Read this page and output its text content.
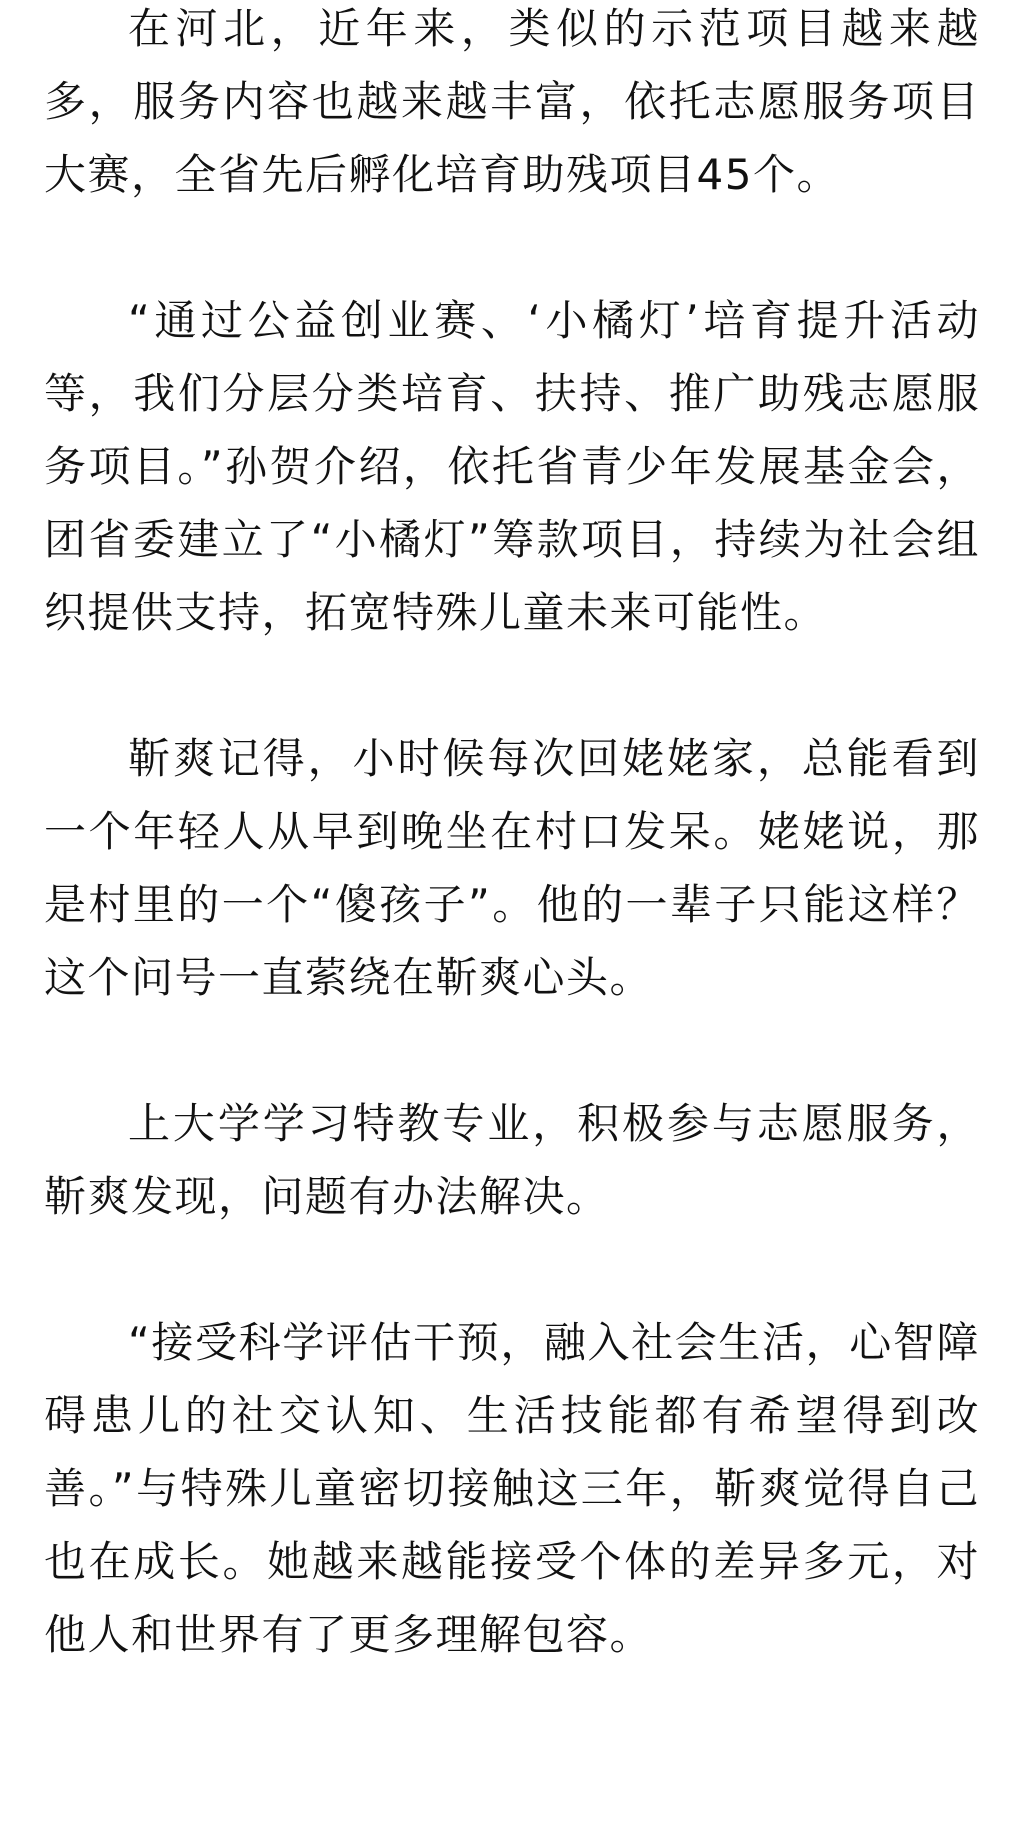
在河北，近年来，类似的示范项目越来越多，服务内容也越来越丰富，依托志愿服务项目大赛，全省先后孵化培育助残项目45个。

“通过公益创业赛、‘小橘灯’培育提升活动等，我们分层分类培育、扶持、推广助残志愿服务项目。”孙贺介绍，依托省青少年发展基金会，团省委建立了“小橘灯”筹款项目，持续为社会组织提供支持，拓宽特殊儿童未来可能性。

靳爽记得，小时候每次回姥姥家，总能看到一个年轻人从早到晚坐在村口发呆。姥姥说，那是村里的一个“傻孩子”。他的一辈子只能这样？这个问号一直萦绕在靳爽心头。

上大学学习特教专业，积极参与志愿服务，靳爽发现，问题有办法解决。

“接受科学评估干预，融入社会生活，心智障碍患儿的社交认知、生活技能都有希望得到改善。”与特殊儿童密切接触这三年，靳爽觉得自己也在成长。她越来越能接受个体的差异多元，对他人和世界有了更多理解包容。
